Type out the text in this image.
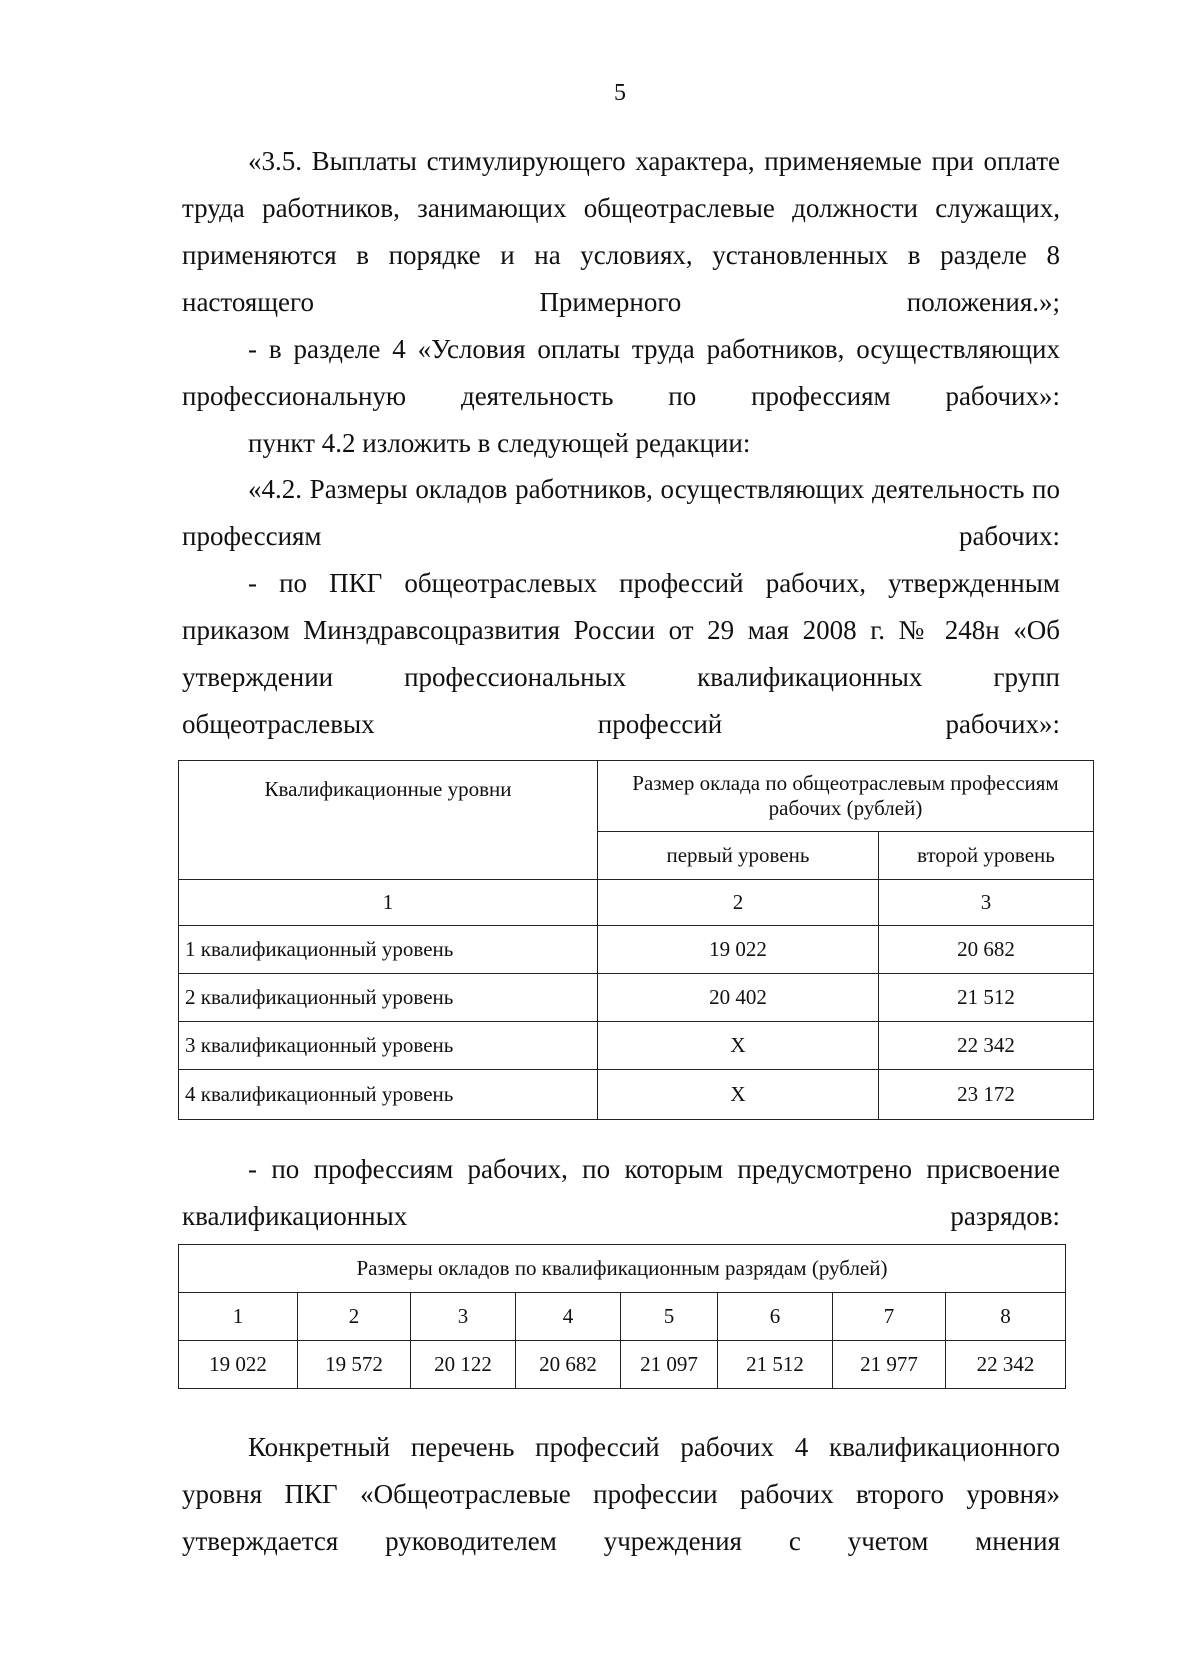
5
«3.5. Выплаты стимулирующего характера, применяемые при оплате труда работников, занимающих общеотраслевые должности служащих, применяются в порядке и на условиях, установленных в разделе 8 настоящего Примерного положения.»;
- в разделе 4 «Условия оплаты труда работников, осуществляющих профессиональную деятельность по профессиям рабочих»:
пункт 4.2 изложить в следующей редакции:
«4.2. Размеры окладов работников, осуществляющих деятельность по профессиям рабочих:
- по ПКГ общеотраслевых профессий рабочих, утвержденным приказом Минздравсоцразвития России от 29 мая 2008 г. № 248н «Об утверждении профессиональных квалификационных групп общеотраслевых профессий рабочих»:
Квалификационные уровни	Размер оклада по общеотраслевым профессиям рабочих (рублей)	
	первый уровень	второй уровень
1	2	3
1 квалификационный уровень	19 022	20 682
2 квалификационный уровень	20 402	21 512
3 квалификационный уровень	Х	22 342
4 квалификационный уровень	Х	23 172
- по профессиям рабочих, по которым предусмотрено присвоение квалификационных разрядов:
Размеры окладов по квалификационным разрядам (рублей)							
1	2	3	4	5	6	7	8
19 022	19 572	20 122	20 682	21 097	21 512	21 977	22 342
Конкретный перечень профессий рабочих 4 квалификационного уровня ПКГ «Общеотраслевые профессии рабочих второго уровня» утверждается руководителем учреждения с учетом мнения
